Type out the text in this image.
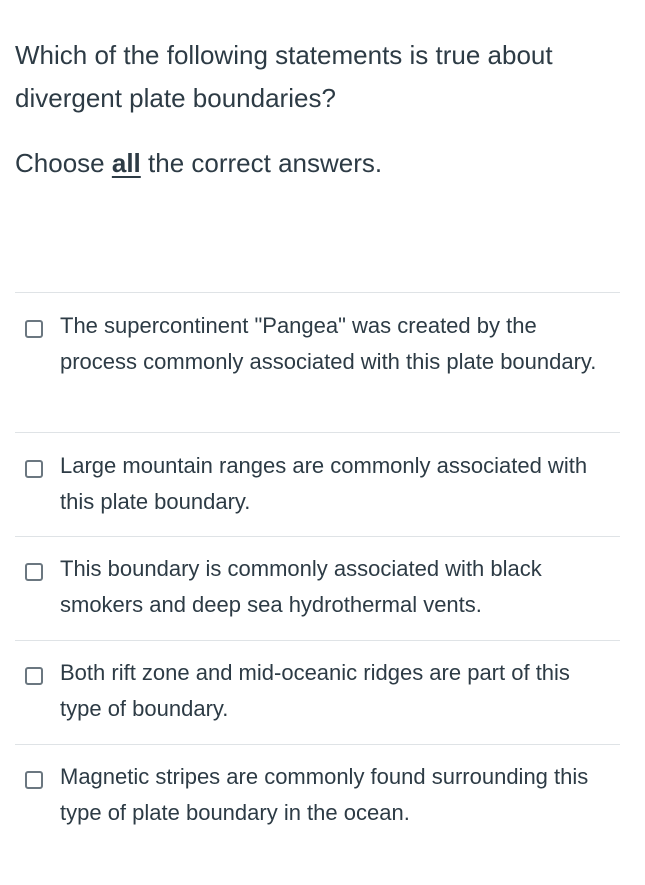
Which of the following statements is true about divergent plate boundaries?
Choose all the correct answers.
The supercontinent "Pangea" was created by the process commonly associated with this plate boundary.
Large mountain ranges are commonly associated with this plate boundary.
This boundary is commonly associated with black smokers and deep sea hydrothermal vents.
Both rift zone and mid-oceanic ridges are part of this type of boundary.
Magnetic stripes are commonly found surrounding this type of plate boundary in the ocean.
